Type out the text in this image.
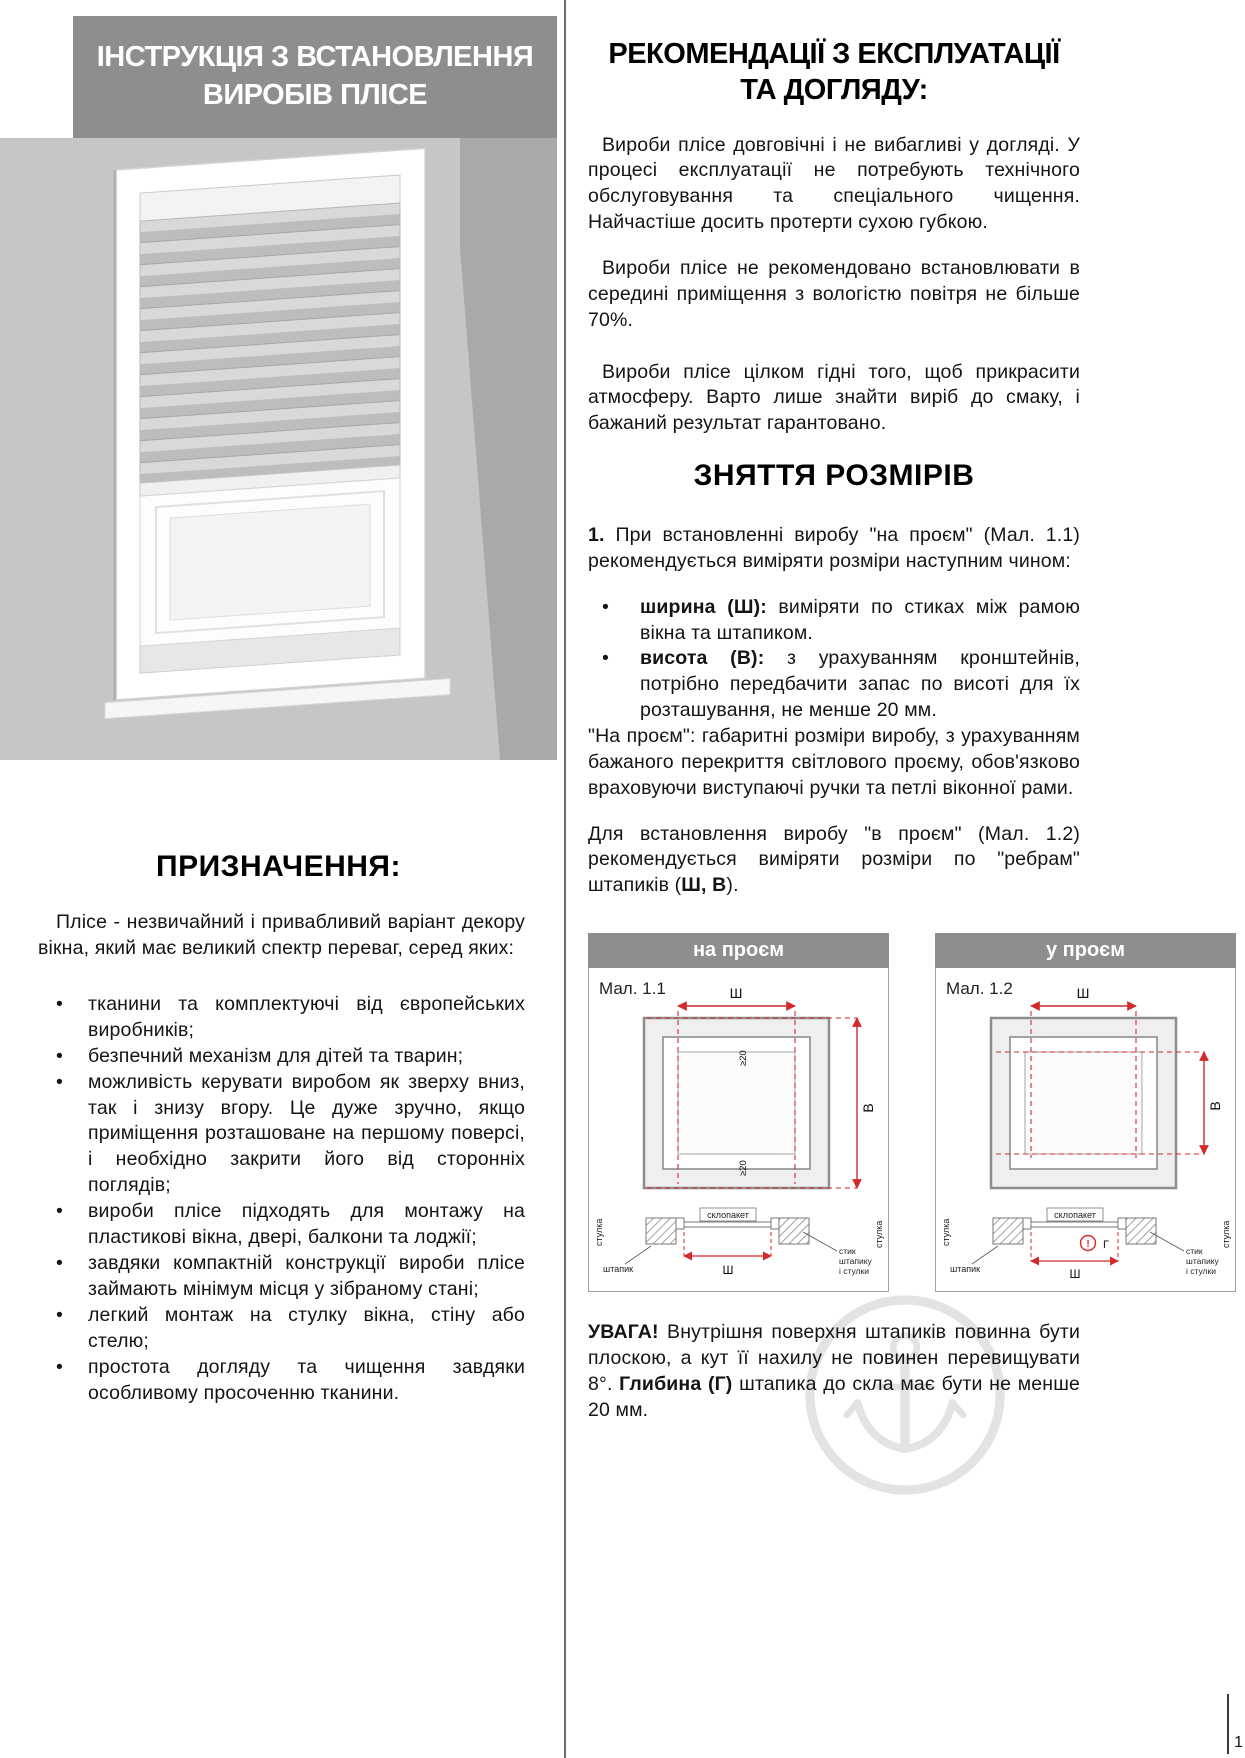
ІНСТРУКЦІЯ З ВСТАНОВЛЕННЯ
ВИРОБІВ ПЛІСЕ
ПРИЗНАЧЕННЯ:

Плісе - незвичайний і привабливий варіант декору вікна, який має великий спектр переваг, серед яких:

• тканини та комплектуючі від європейських виробників;
• безпечний механізм для дітей та тварин;
• можливість керувати виробом як зверху вниз, так і знизу вгору. Це дуже зручно, якщо приміщення розташоване на першому поверсі, і необхідно закрити його від сторонніх поглядів;
• вироби плісе підходять для монтажу на пластикові вікна, двері, балкони та лоджії;
• завдяки компактній конструкції вироби плісе займають мінімум місця у зібраному стані;
• легкий монтаж на стулку вікна, стіну або стелю;
• простота догляду та чищення завдяки особливому просоченню тканини.
РЕКОМЕНДАЦІЇ З ЕКСПЛУАТАЦІЇ
ТА ДОГЛЯДУ:

Вироби плісе довговічні і не вибагливі у догляді. У процесі експлуатації не потребують технічного обслуговування та спеціального чищення. Найчастіше досить протерти сухою губкою.

Вироби плісе не рекомендовано встановлювати в середині приміщення з вологістю повітря не більше 70%.

Вироби плісе цілком гідні того, щоб прикрасити атмосферу. Варто лише знайти виріб до смаку, і бажаний результат гарантовано.

ЗНЯТТЯ РОЗМІРІВ

1. При встановленні виробу "на проєм" (Мал. 1.1) рекомендується виміряти розміри наступним чином:

• ширина (Ш): виміряти по стиках між рамою вікна та штапиком.
• висота (В): з урахуванням кронштейнів, потрібно передбачити запас по висоті для їх розташування, не менше 20 мм.

"На проєм": габаритні розміри виробу, з урахуванням бажаного перекриття світлового проєму, обов'язково враховуючи виступаючі ручки та петлі віконної рами.

Для встановлення виробу "в проєм" (Мал. 1.2) рекомендується виміряти розміри по "ребрам" штапиків (Ш, В).

на проєм
Мал. 1.1	Ш
В
≥20
≥20
склопакет
Ш
штапик
стулка	стулка
стик
штапику
і стулки
у проєм
Мал. 1.2	Ш
В
склопакет
! Г
Ш
штапик
стулка	стулка
стик
штапику
і стулки

УВАГА! Внутрішня поверхня штапиків повинна бути плоскою, а кут її нахилу не повинен перевищувати 8°. Глибина (Г) штапика до скла має бути не менше 20 мм.

1
